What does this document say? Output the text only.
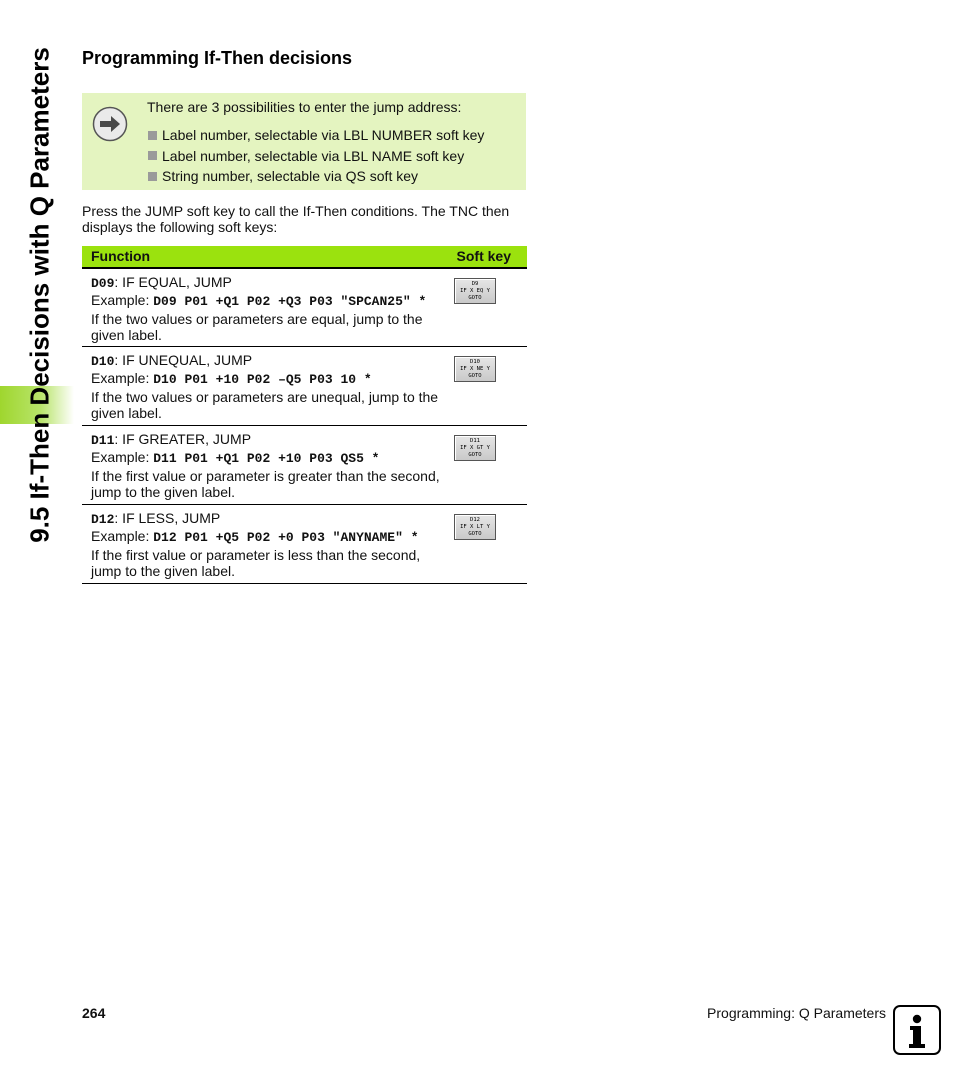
9.5 If-Then Decisions with Q Parameters Programming If-Then decisions
There are 3 possibilities to enter the jump address:
Label number, selectable via LBL NUMBER soft key
Label number, selectable via LBL NAME soft key
String number, selectable via QS soft key

Press the JUMP soft key to call the If-Then conditions. The TNC then displays the following soft keys:

Function	Soft key
D09: IF EQUAL, JUMP
Example: D09 P01 +Q1 P02 +Q3 P03 "SPCAN25" *
If the two values or parameters are equal, jump to the given label.
D9
IF X EQ Y
GOTO
D10: IF UNEQUAL, JUMP
Example: D10 P01 +10 P02 –Q5 P03 10 *
If the two values or parameters are unequal, jump to the given label.
D10
IF X NE Y
GOTO
D11: IF GREATER, JUMP
Example: D11 P01 +Q1 P02 +10 P03 QS5 *
If the first value or parameter is greater than the second, jump to the given label.
D11
IF X GT Y
GOTO
D12: IF LESS, JUMP
Example: D12 P01 +Q5 P02 +0 P03 "ANYNAME" *
If the first value or parameter is less than the second, jump to the given label.
D12
IF X LT Y
GOTO
264	Programming: Q Parameters
